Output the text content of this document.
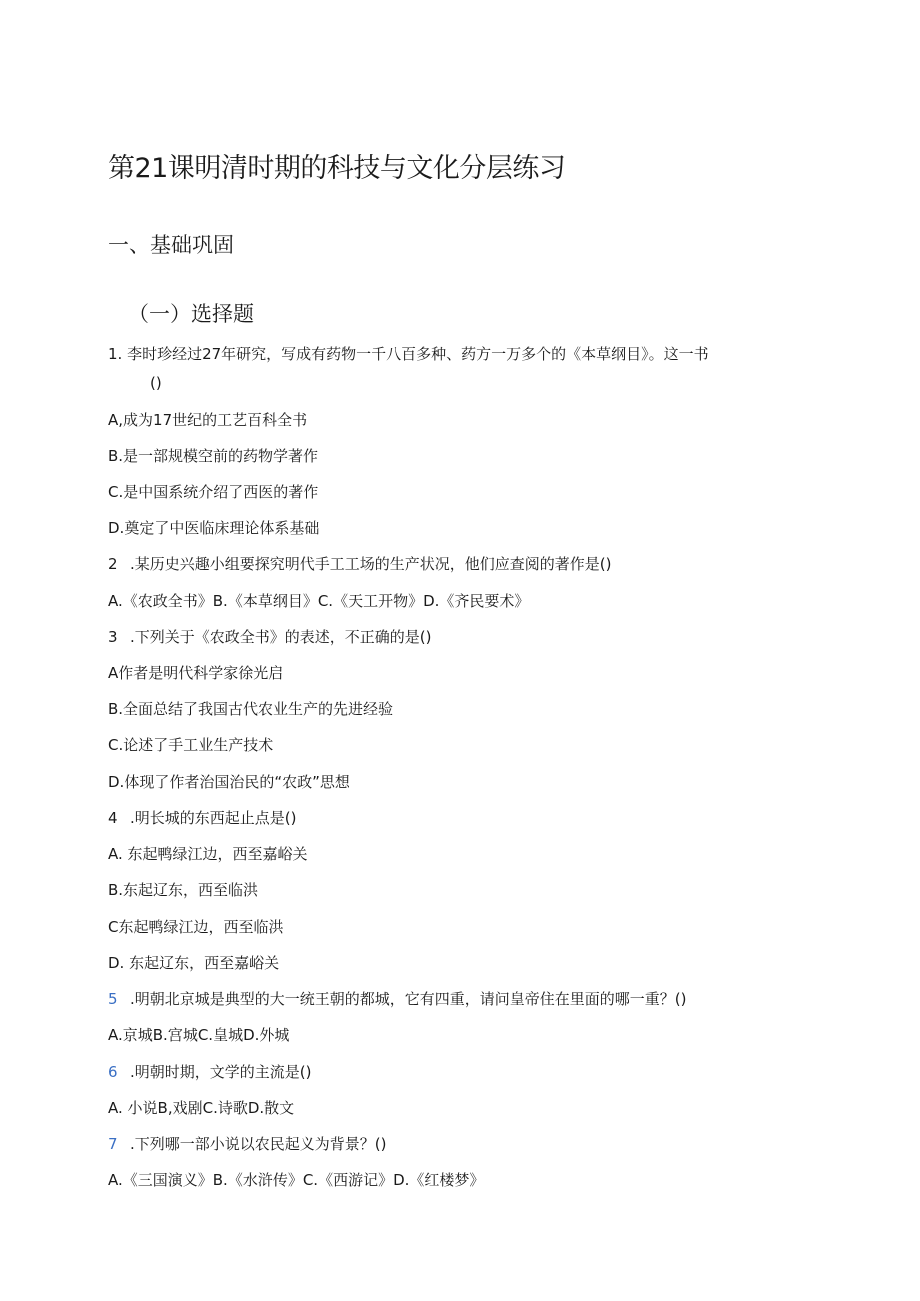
第21课明清时期的科技与文化分层练习
一、基础巩固
（一）选择题
1. 李时珍经过27年研究，写成有药物一千八百多种、药方一万多个的《本草纲目》。这一书
()
A,成为17世纪的工艺百科全书
B.是一部规模空前的药物学著作
C.是中国系统介绍了西医的著作
D.奠定了中医临床理论体系基础
2 .某历史兴趣小组要探究明代手工工场的生产状况，他们应查阅的著作是()
A.《农政全书》B.《本草纲目》C.《天工开物》D.《齐民要术》
3 .下列关于《农政全书》的表述，不正确的是()
A作者是明代科学家徐光启
B.全面总结了我国古代农业生产的先进经验
C.论述了手工业生产技术
D.体现了作者治国治民的“农政”思想
4 .明长城的东西起止点是()
A. 东起鸭绿江边，西至嘉峪关
B.东起辽东，西至临洪
C东起鸭绿江边，西至临洪
D. 东起辽东，西至嘉峪关
5 .明朝北京城是典型的大一统王朝的都城，它有四重，请问皇帝住在里面的哪一重？()
A.京城B.宫城C.皇城D.外城
6 .明朝时期，文学的主流是()
A. 小说B,戏剧C.诗歌D.散文
7 .下列哪一部小说以农民起义为背景？()
A.《三国演义》B.《水浒传》C.《西游记》D.《红楼梦》
